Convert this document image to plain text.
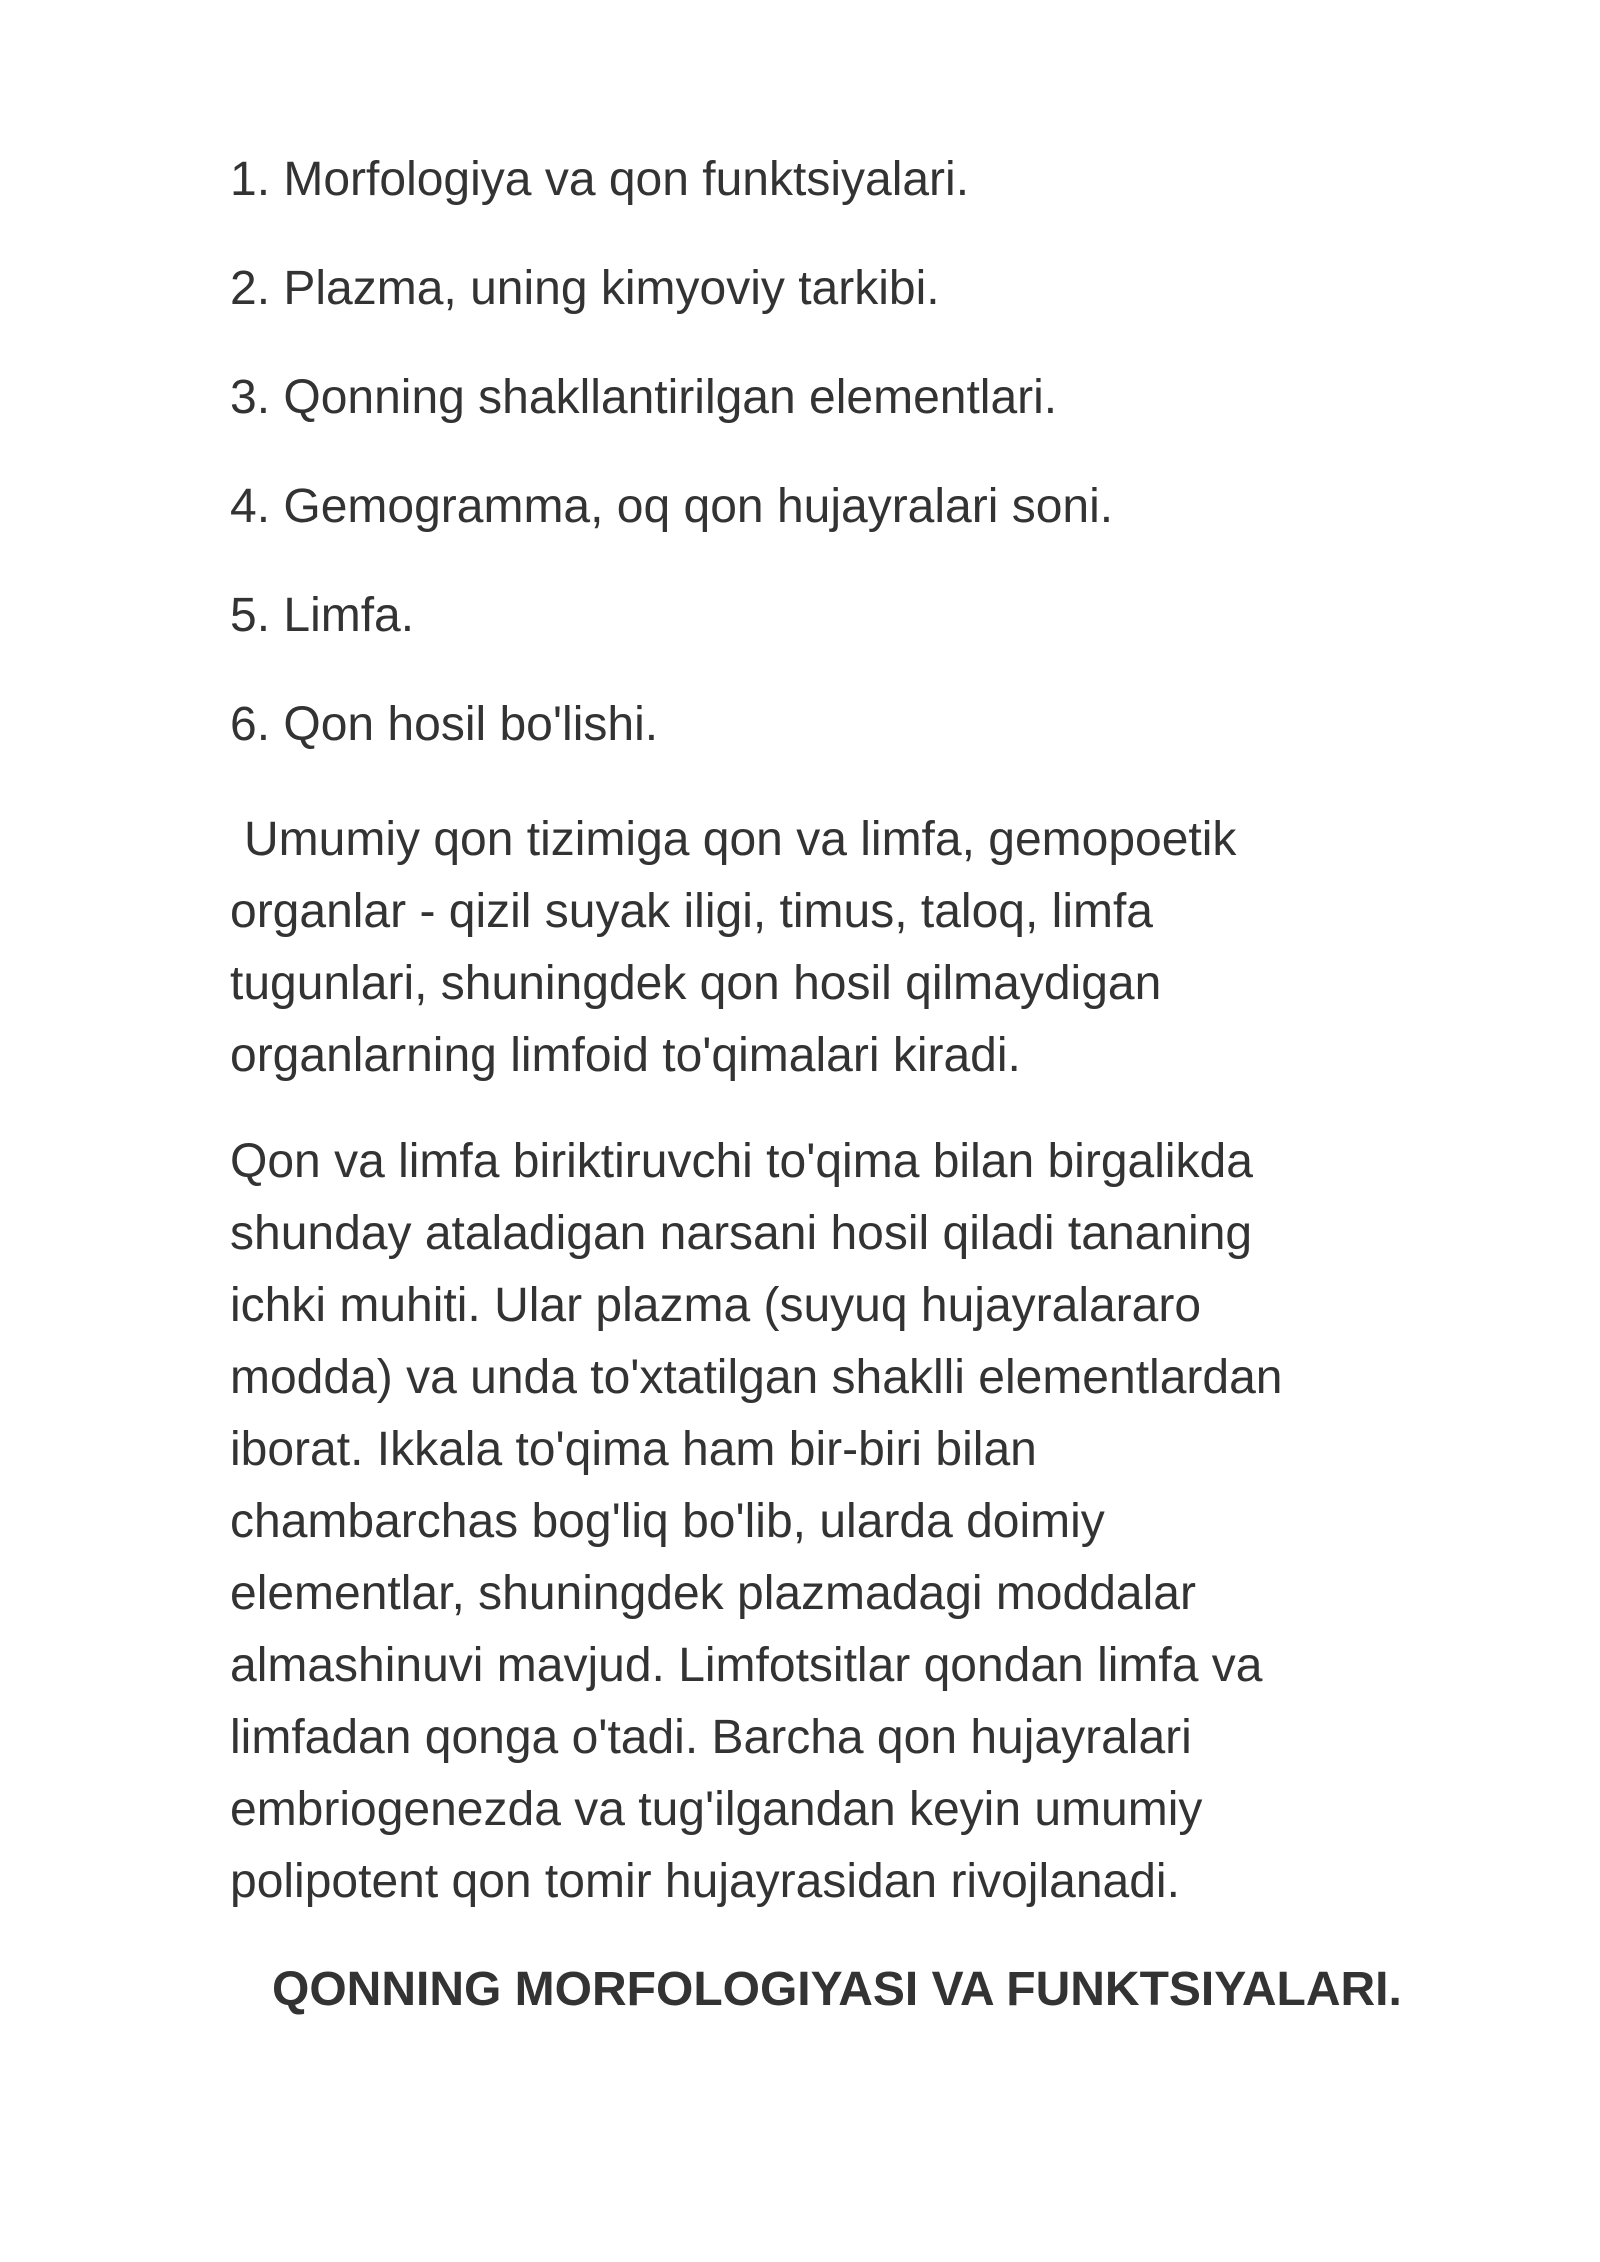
1. Morfologiya va qon funktsiyalari.
2. Plazma, uning kimyoviy tarkibi.
3. Qonning shakllantirilgan elementlari.
4. Gemogramma, oq qon hujayralari soni.
5. Limfa.
6. Qon hosil bo'lishi.

Umumiy qon tizimiga qon va limfa, gemopoetik
organlar - qizil suyak iligi, timus, taloq, limfa
tugunlari, shuningdek qon hosil qilmaydigan
organlarning limfoid to'qimalari kiradi.

Qon va limfa biriktiruvchi to'qima bilan birgalikda
shunday ataladigan narsani hosil qiladi tananing
ichki muhiti. Ular plazma (suyuq hujayralararo
modda) va unda to'xtatilgan shaklli elementlardan
iborat. Ikkala to'qima ham bir-biri bilan
chambarchas bog'liq bo'lib, ularda doimiy
elementlar, shuningdek plazmadagi moddalar
almashinuvi mavjud. Limfotsitlar qondan limfa va
limfadan qonga o'tadi. Barcha qon hujayralari
embriogenezda va tug'ilgandan keyin umumiy
polipotent qon tomir hujayrasidan rivojlanadi.

QONNING MORFOLOGIYASI VA FUNKTSIYALARI.
